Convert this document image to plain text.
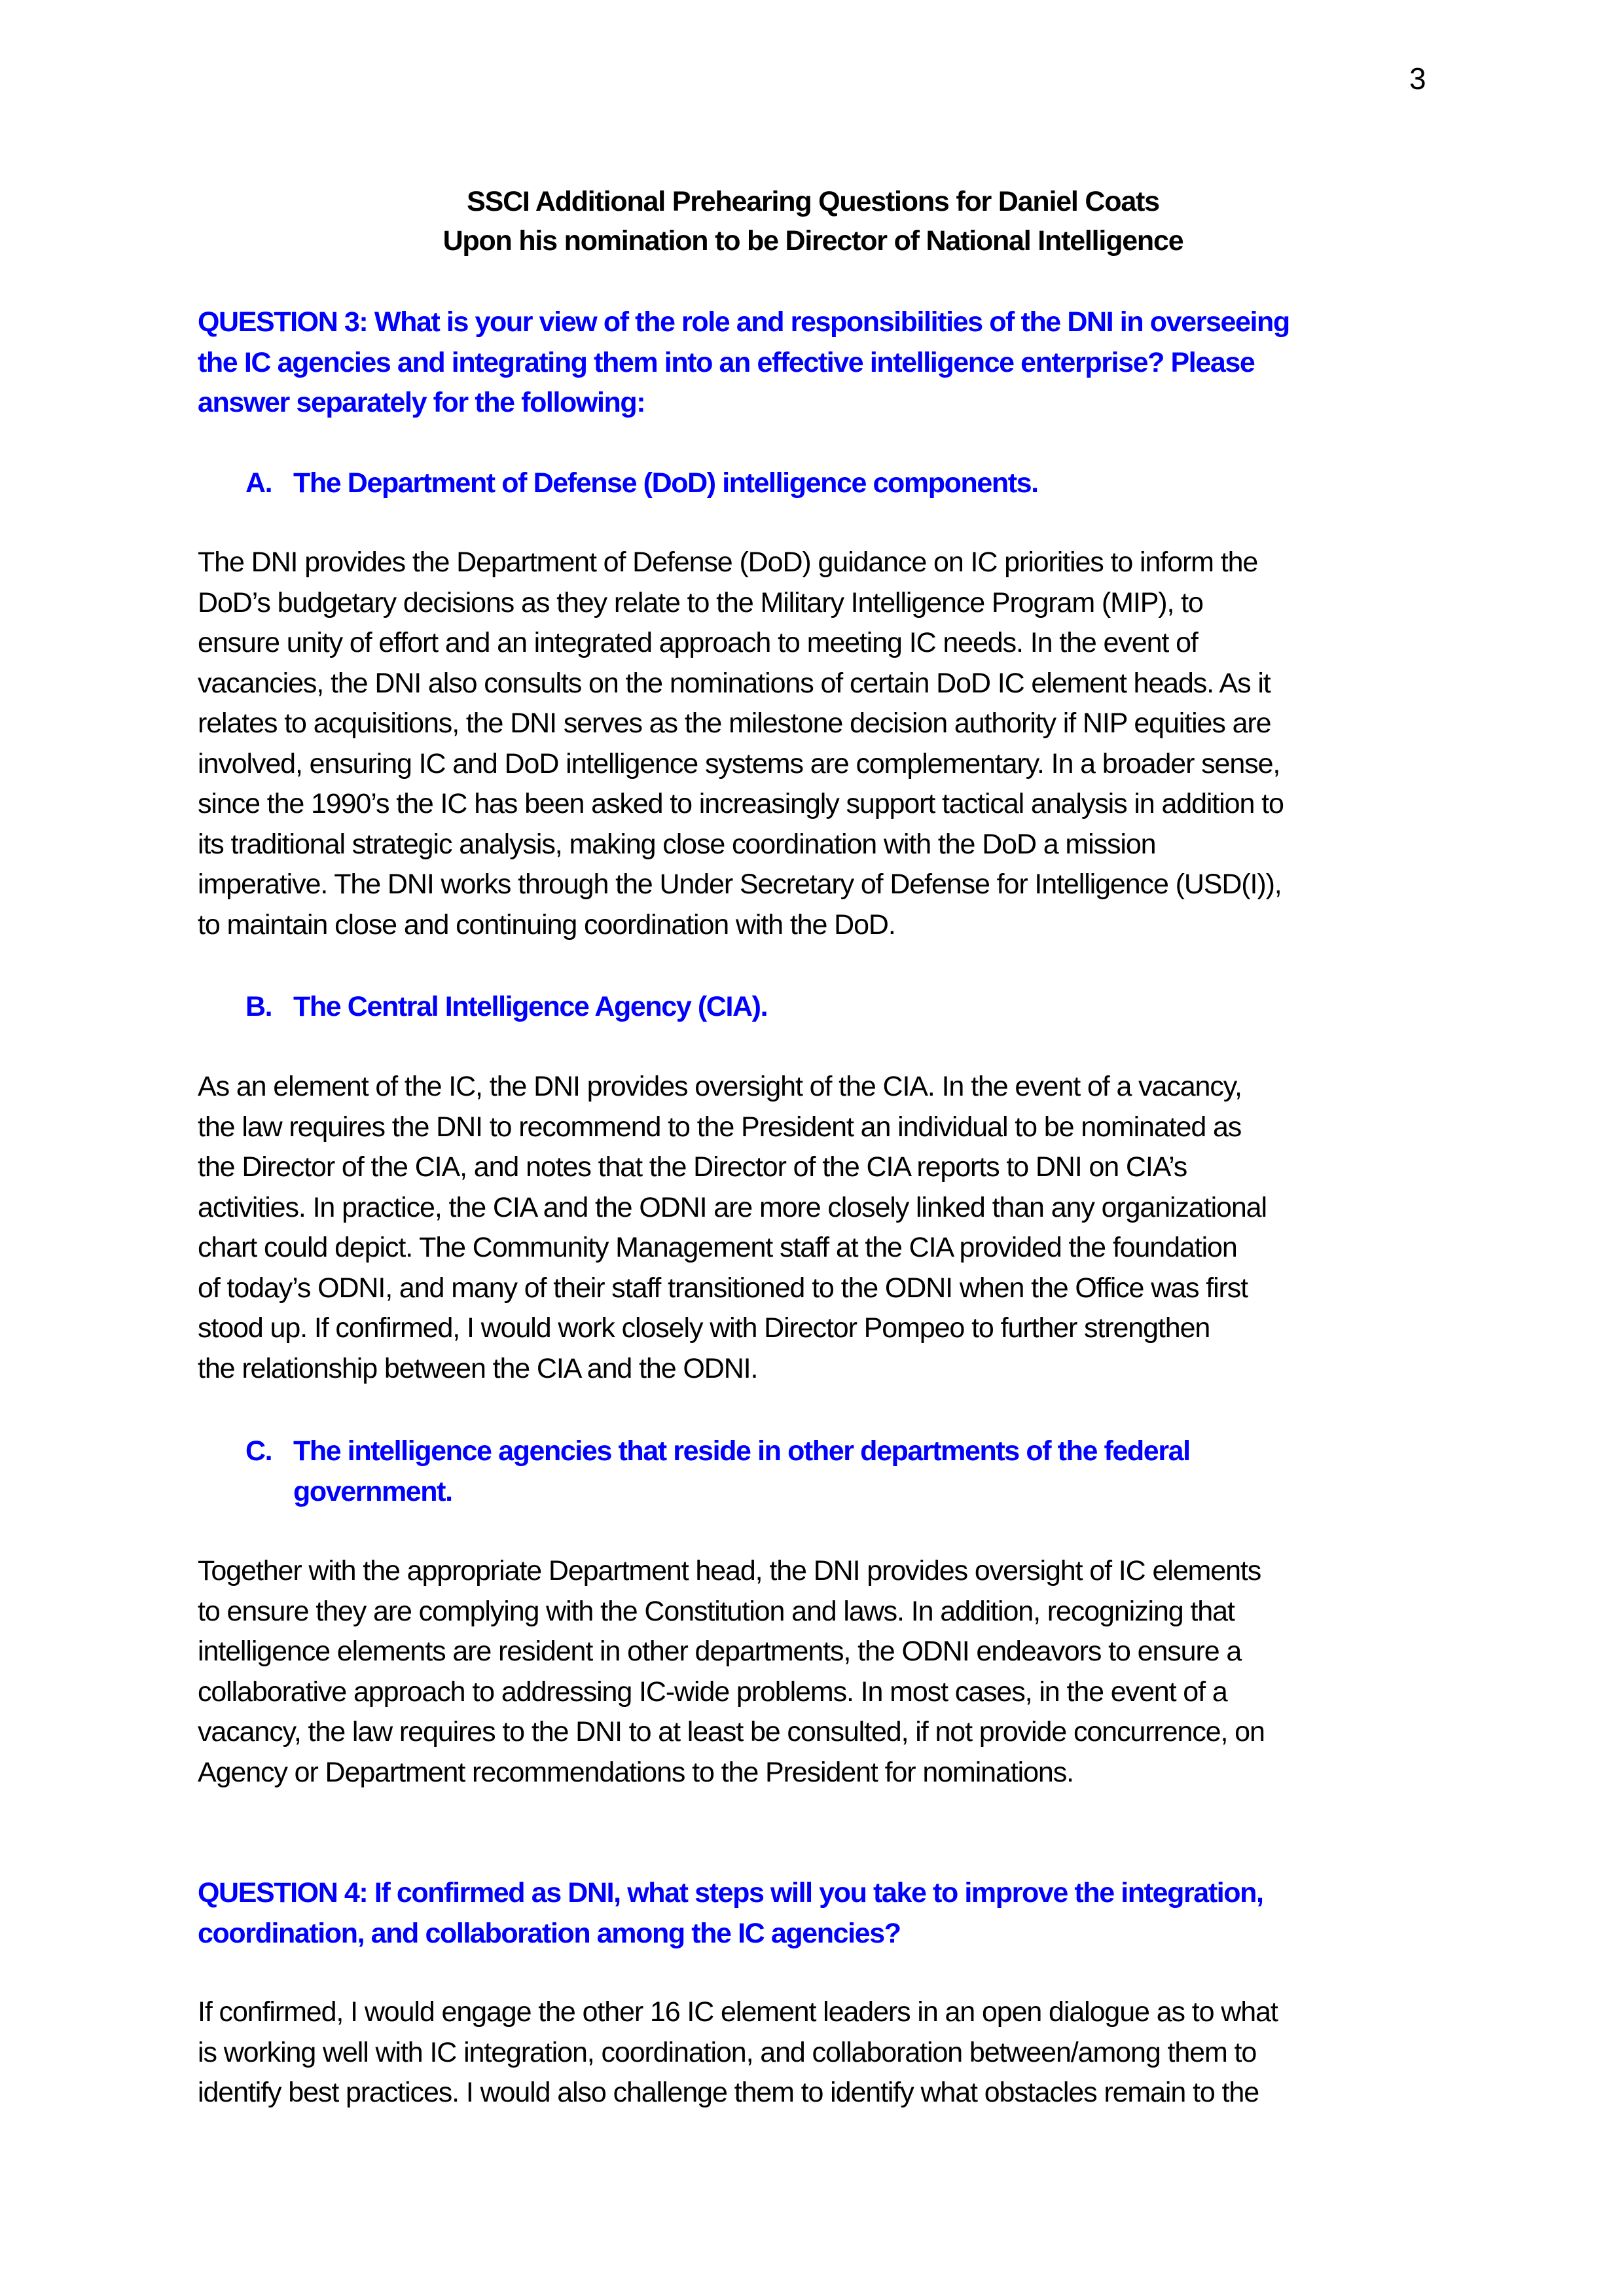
3
SSCI Additional Prehearing Questions for Daniel Coats
Upon his nomination to be Director of National Intelligence
QUESTION 3: What is your view of the role and responsibilities of the DNI in overseeing
the IC agencies and integrating them into an effective intelligence enterprise? Please
answer separately for the following:
A. The Department of Defense (DoD) intelligence components.
The DNI provides the Department of Defense (DoD) guidance on IC priorities to inform the
DoD’s budgetary decisions as they relate to the Military Intelligence Program (MIP), to
ensure unity of effort and an integrated approach to meeting IC needs. In the event of
vacancies, the DNI also consults on the nominations of certain DoD IC element heads. As it
relates to acquisitions, the DNI serves as the milestone decision authority if NIP equities are
involved, ensuring IC and DoD intelligence systems are complementary. In a broader sense,
since the 1990’s the IC has been asked to increasingly support tactical analysis in addition to
its traditional strategic analysis, making close coordination with the DoD a mission
imperative. The DNI works through the Under Secretary of Defense for Intelligence (USD(I)),
to maintain close and continuing coordination with the DoD.
B. The Central Intelligence Agency (CIA).
As an element of the IC, the DNI provides oversight of the CIA. In the event of a vacancy,
the law requires the DNI to recommend to the President an individual to be nominated as
the Director of the CIA, and notes that the Director of the CIA reports to DNI on CIA’s
activities. In practice, the CIA and the ODNI are more closely linked than any organizational
chart could depict. The Community Management staff at the CIA provided the foundation
of today’s ODNI, and many of their staff transitioned to the ODNI when the Office was first
stood up. If confirmed, I would work closely with Director Pompeo to further strengthen
the relationship between the CIA and the ODNI.
C. The intelligence agencies that reside in other departments of the federal
government.
Together with the appropriate Department head, the DNI provides oversight of IC elements
to ensure they are complying with the Constitution and laws. In addition, recognizing that
intelligence elements are resident in other departments, the ODNI endeavors to ensure a
collaborative approach to addressing IC-wide problems. In most cases, in the event of a
vacancy, the law requires to the DNI to at least be consulted, if not provide concurrence, on
Agency or Department recommendations to the President for nominations.
QUESTION 4: If confirmed as DNI, what steps will you take to improve the integration,
coordination, and collaboration among the IC agencies?
If confirmed, I would engage the other 16 IC element leaders in an open dialogue as to what
is working well with IC integration, coordination, and collaboration between/among them to
identify best practices. I would also challenge them to identify what obstacles remain to the
